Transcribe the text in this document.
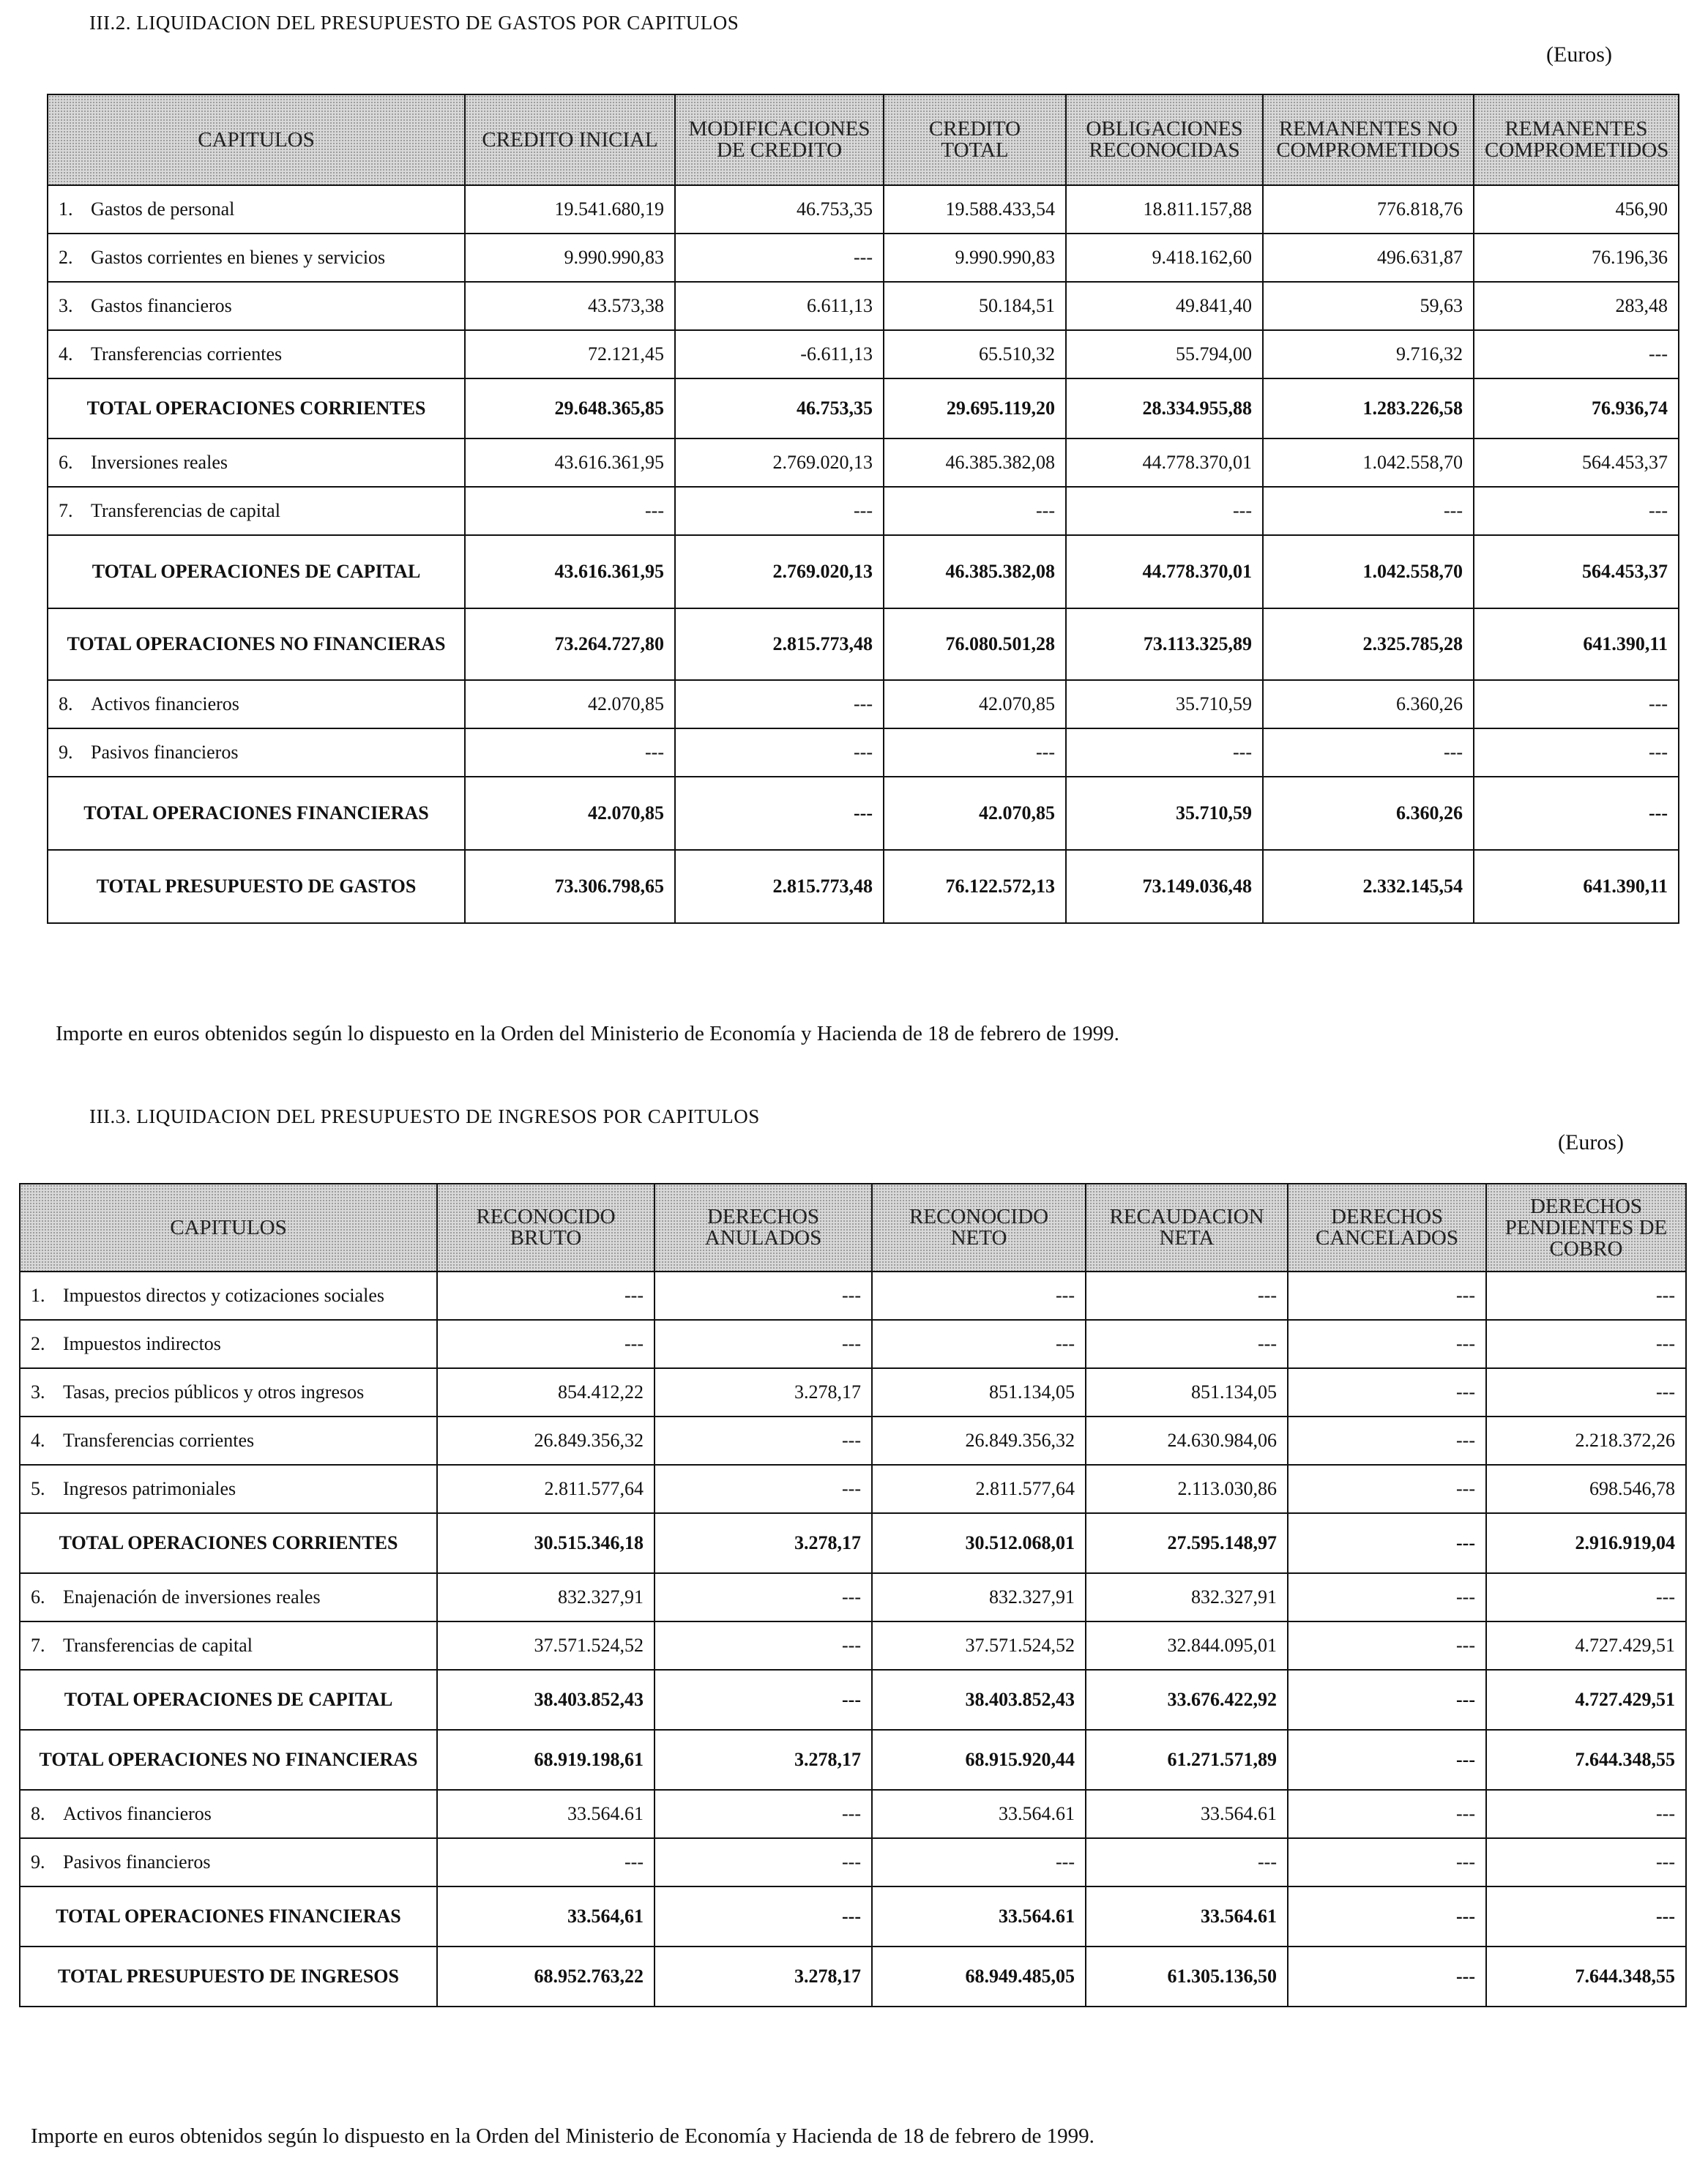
III.2. LIQUIDACION DEL PRESUPUESTO DE GASTOS POR CAPITULOS
(Euros)
CAPITULOS	CREDITO INICIAL	MODIFICACIONES DE CREDITO	CREDITO TOTAL	OBLIGACIONES RECONOCIDAS	REMANENTES NO COMPROMETIDOS	REMANENTES COMPROMETIDOS
1. Gastos de personal	19.541.680,19	46.753,35	19.588.433,54	18.811.157,88	776.818,76	456,90
2. Gastos corrientes en bienes y servicios	9.990.990,83	---	9.990.990,83	9.418.162,60	496.631,87	76.196,36
3. Gastos financieros	43.573,38	6.611,13	50.184,51	49.841,40	59,63	283,48
4. Transferencias corrientes	72.121,45	-6.611,13	65.510,32	55.794,00	9.716,32	---
TOTAL OPERACIONES CORRIENTES	29.648.365,85	46.753,35	29.695.119,20	28.334.955,88	1.283.226,58	76.936,74
6. Inversiones reales	43.616.361,95	2.769.020,13	46.385.382,08	44.778.370,01	1.042.558,70	564.453,37
7. Transferencias de capital	---	---	---	---	---	---
TOTAL OPERACIONES DE CAPITAL	43.616.361,95	2.769.020,13	46.385.382,08	44.778.370,01	1.042.558,70	564.453,37
TOTAL OPERACIONES NO FINANCIERAS	73.264.727,80	2.815.773,48	76.080.501,28	73.113.325,89	2.325.785,28	641.390,11
8. Activos financieros	42.070,85	---	42.070,85	35.710,59	6.360,26	---
9. Pasivos financieros	---	---	---	---	---	---
TOTAL OPERACIONES FINANCIERAS	42.070,85	---	42.070,85	35.710,59	6.360,26	---
TOTAL PRESUPUESTO DE GASTOS	73.306.798,65	2.815.773,48	76.122.572,13	73.149.036,48	2.332.145,54	641.390,11
Importe en euros obtenidos según lo dispuesto en la Orden del Ministerio de Economía y Hacienda de 18 de febrero de 1999.
III.3. LIQUIDACION DEL PRESUPUESTO DE INGRESOS POR CAPITULOS
(Euros)
CAPITULOS	RECONOCIDO BRUTO	DERECHOS ANULADOS	RECONOCIDO NETO	RECAUDACION NETA	DERECHOS CANCELADOS	DERECHOS PENDIENTES DE COBRO
1. Impuestos directos y cotizaciones sociales	---	---	---	---	---	---
2. Impuestos indirectos	---	---	---	---	---	---
3. Tasas, precios públicos y otros ingresos	854.412,22	3.278,17	851.134,05	851.134,05	---	---
4. Transferencias corrientes	26.849.356,32	---	26.849.356,32	24.630.984,06	---	2.218.372,26
5. Ingresos patrimoniales	2.811.577,64	---	2.811.577,64	2.113.030,86	---	698.546,78
TOTAL OPERACIONES CORRIENTES	30.515.346,18	3.278,17	30.512.068,01	27.595.148,97	---	2.916.919,04
6. Enajenación de inversiones reales	832.327,91	---	832.327,91	832.327,91	---	---
7. Transferencias de capital	37.571.524,52	---	37.571.524,52	32.844.095,01	---	4.727.429,51
TOTAL OPERACIONES DE CAPITAL	38.403.852,43	---	38.403.852,43	33.676.422,92	---	4.727.429,51
TOTAL OPERACIONES NO FINANCIERAS	68.919.198,61	3.278,17	68.915.920,44	61.271.571,89	---	7.644.348,55
8. Activos financieros	33.564.61	---	33.564.61	33.564.61	---	---
9. Pasivos financieros	---	---	---	---	---	---
TOTAL OPERACIONES FINANCIERAS	33.564,61	---	33.564.61	33.564.61	---	---
TOTAL PRESUPUESTO DE INGRESOS	68.952.763,22	3.278,17	68.949.485,05	61.305.136,50	---	7.644.348,55
Importe en euros obtenidos según lo dispuesto en la Orden del Ministerio de Economía y Hacienda de 18 de febrero de 1999.
